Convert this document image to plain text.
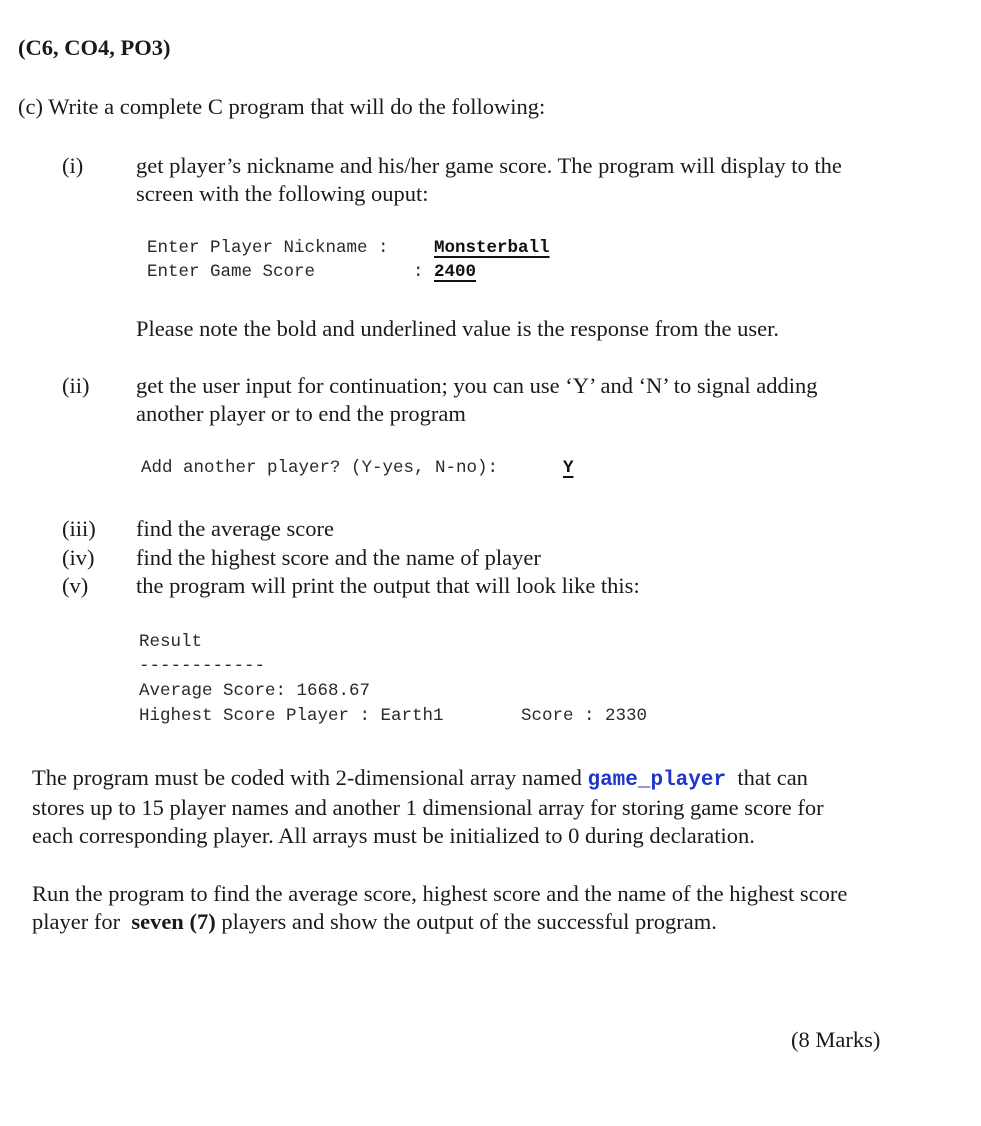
(C6, CO4, PO3)
(c) Write a complete C program that will do the following:
(i) get player’s nickname and his/her game score. The program will display to the
screen with the following ouput:
Enter Player Nickname :	Monsterball
Enter Game Score	: 2400
Please note the bold and underlined value is the response from the user.
(ii) get the user input for continuation; you can use ‘Y’ and ‘N’ to signal adding
another player or to end the program
Add another player? (Y-yes, N-no):	Y
(iii) find the average score
(iv) find the highest score and the name of player
(v) the program will print the output that will look like this:
Result
------------
Average Score: 1668.67
Highest Score Player : Earth1	Score : 2330
The program must be coded with 2-dimensional array named game_player that can
stores up to 15 player names and another 1 dimensional array for storing game score for
each corresponding player. All arrays must be initialized to 0 during declaration.
Run the program to find the average score, highest score and the name of the highest score
player for seven (7) players and show the output of the successful program.
(8 Marks)
